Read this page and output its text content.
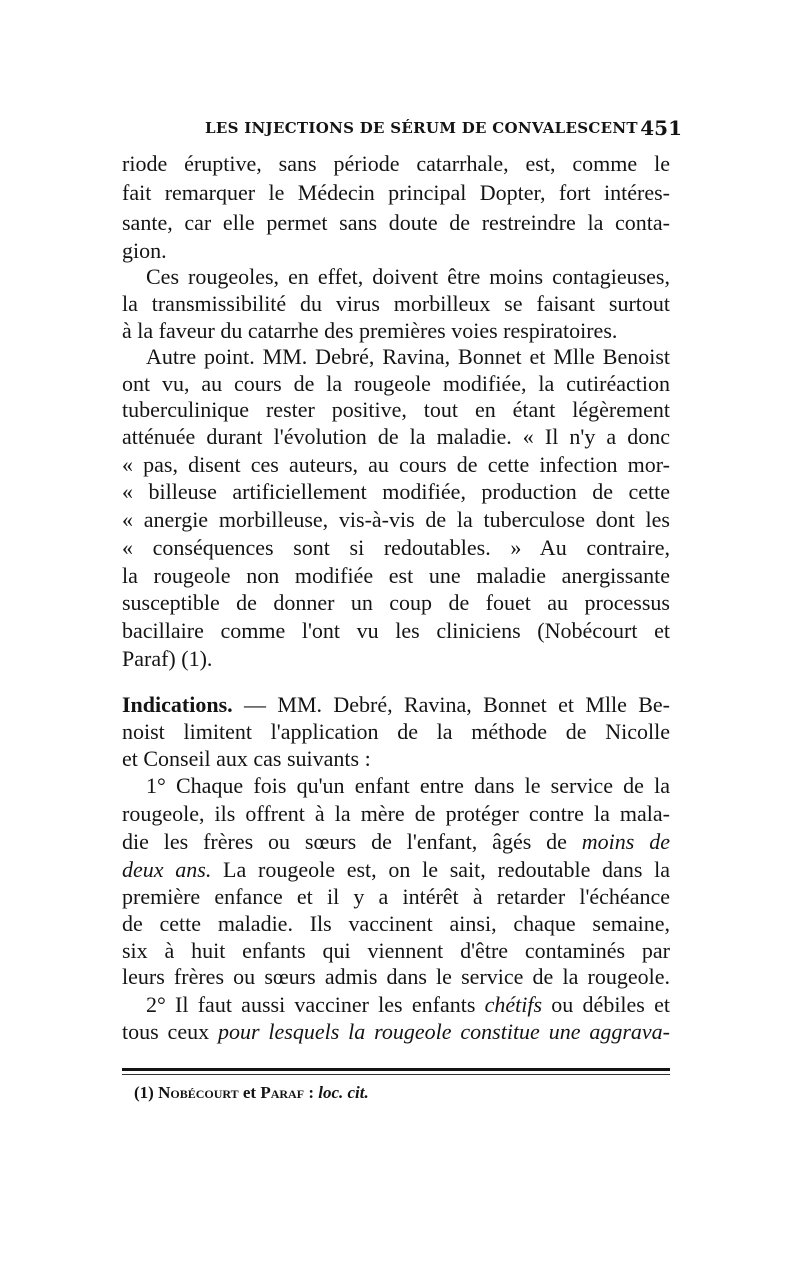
LES INJECTIONS DE SÉRUM DE CONVALESCENT 451
riode éruptive, sans période catarrhale, est, comme le
fait remarquer le Médecin principal Dopter, fort intéres-
sante, car elle permet sans doute de restreindre la conta-
gion.
Ces rougeoles, en effet, doivent être moins contagieuses,
la transmissibilité du virus morbilleux se faisant surtout
à la faveur du catarrhe des premières voies respiratoires.
Autre point. MM. Debré, Ravina, Bonnet et Mlle Benoist
ont vu, au cours de la rougeole modifiée, la cutiréaction
tuberculinique rester positive, tout en étant légèrement
atténuée durant l'évolution de la maladie. « Il n'y a donc
« pas, disent ces auteurs, au cours de cette infection mor-
« billeuse artificiellement modifiée, production de cette
« anergie morbilleuse, vis-à-vis de la tuberculose dont les
« conséquences sont si redoutables. » Au contraire,
la rougeole non modifiée est une maladie anergissante
susceptible de donner un coup de fouet au processus
bacillaire comme l'ont vu les cliniciens (Nobécourt et
Paraf) (1).
Indications. — MM. Debré, Ravina, Bonnet et Mlle Be-
noist limitent l'application de la méthode de Nicolle
et Conseil aux cas suivants :
1° Chaque fois qu'un enfant entre dans le service de la
rougeole, ils offrent à la mère de protéger contre la mala-
die les frères ou sœurs de l'enfant, âgés de moins de
deux ans. La rougeole est, on le sait, redoutable dans la
première enfance et il y a intérêt à retarder l'échéance
de cette maladie. Ils vaccinent ainsi, chaque semaine,
six à huit enfants qui viennent d'être contaminés par
leurs frères ou sœurs admis dans le service de la rougeole.
2° Il faut aussi vacciner les enfants chétifs ou débiles et
tous ceux pour lesquels la rougeole constitue une aggrava-
(1) Nobécourt et Paraf : loc. cit.
